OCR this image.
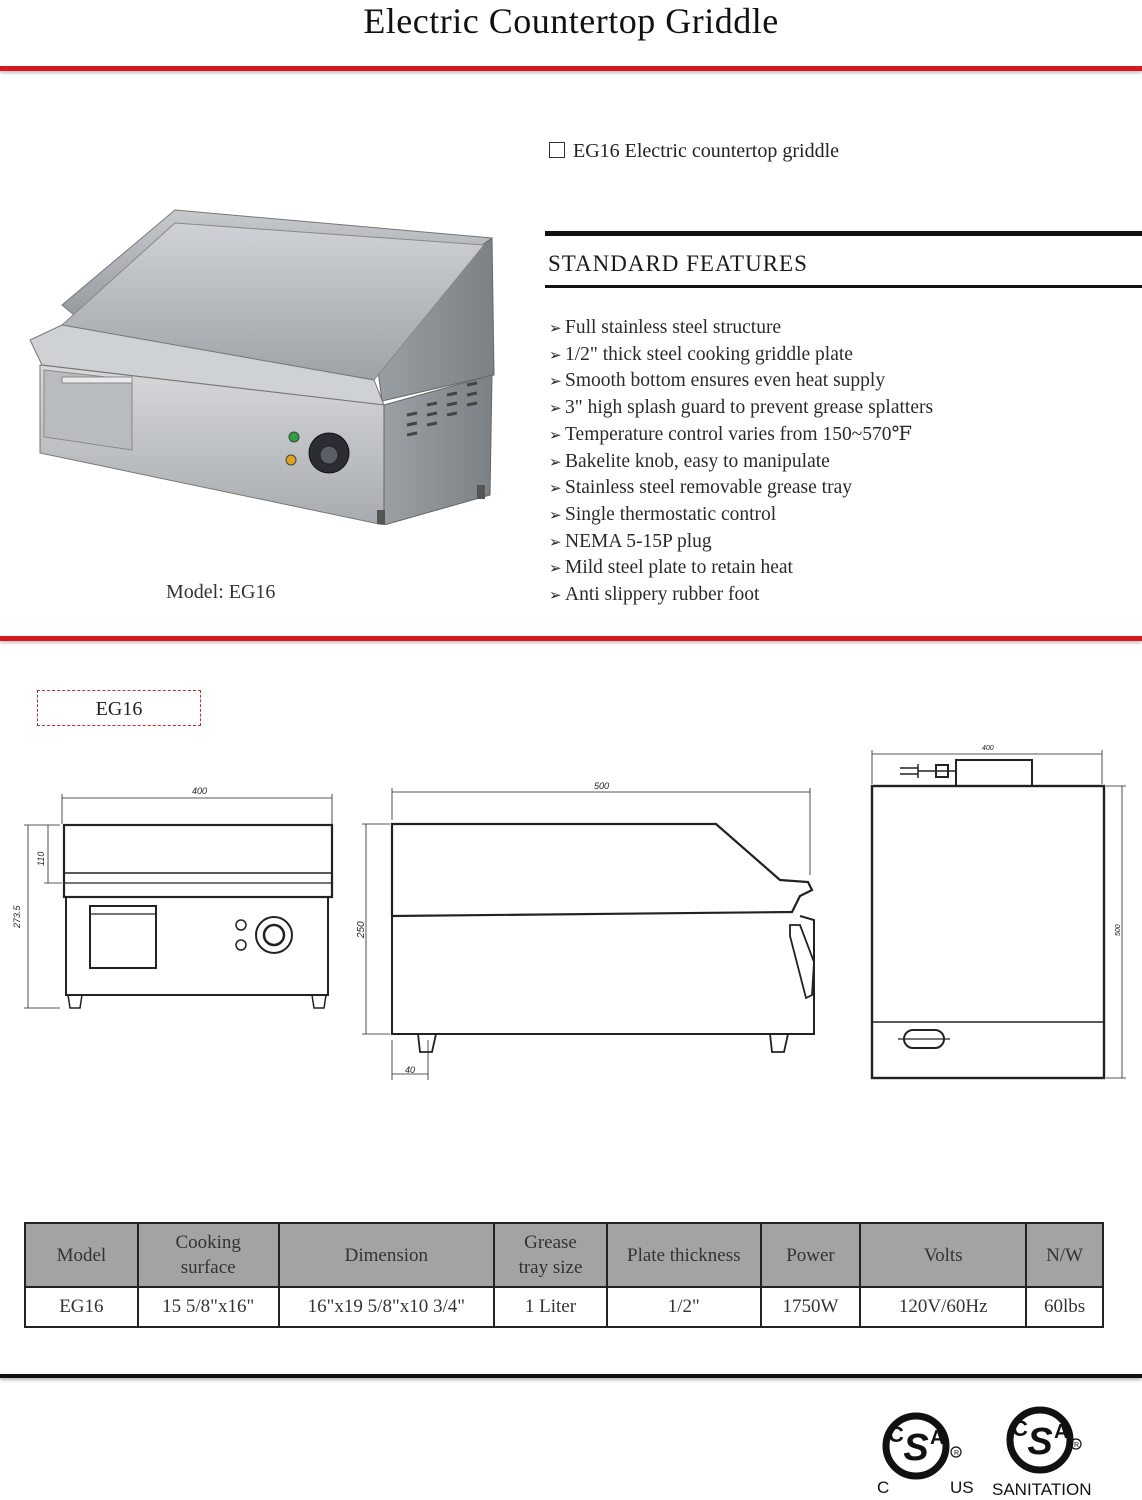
Electric Countertop Griddle
Model: EG16
EG16 Electric countertop griddle
STANDARD FEATURES
➢ Full stainless steel structure
➢ 1/2" thick steel cooking griddle plate
➢ Smooth bottom ensures even heat supply
➢ 3" high splash guard to prevent grease splatters
➢ Temperature control varies from 150~570℉
➢ Bakelite knob, easy to manipulate
➢ Stainless steel removable grease tray
➢ Single thermostatic control
➢ NEMA 5-15P plug
➢ Mild steel plate to retain heat
➢ Anti slippery rubber foot
EG16
400
273.5
110
500
250
40
400
500
Model	Cooking surface	Dimension	Grease tray size	Plate thickness	Power	Volts	N/W
EG16	15 5/8"x16"	16"x19 5/8"x10 3/4"	1 Liter	1/2"	1750W	120V/60Hz	60lbs
S
C A
R
C	US
S
C A
R
SANITATION
